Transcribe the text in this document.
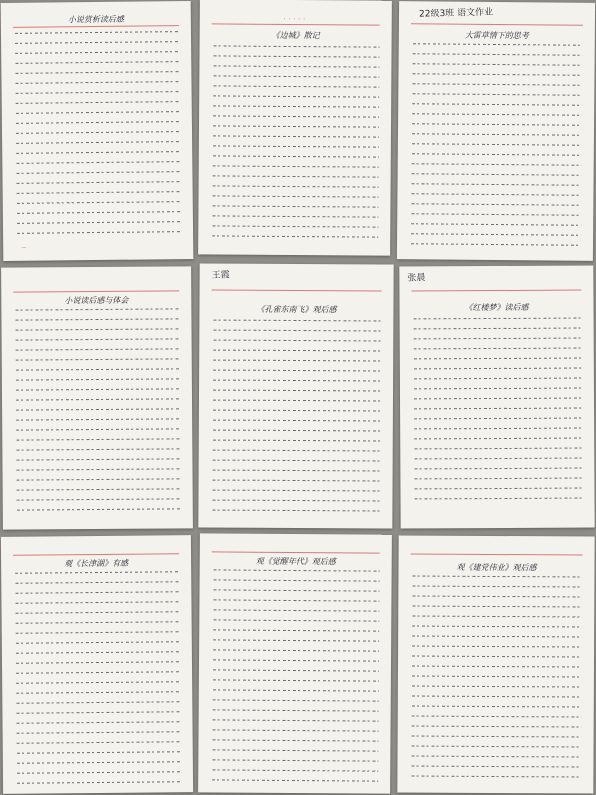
小说赏析读后感
—
·····
《边城》散记
22级3班 语文作业
大雷草情下的思考
小说读后感与体会
王霞
《孔雀东南飞》观后感
张晨
《红楼梦》读后感
观《长津湖》有感	观《觉醒年代》观后感
观《建党伟业》观后感
